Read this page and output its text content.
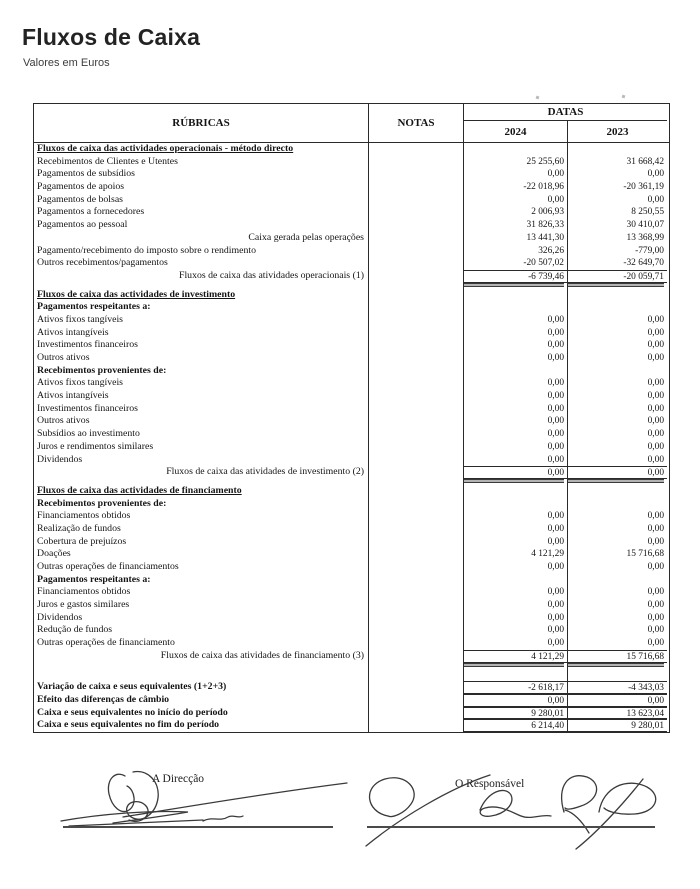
Fluxos de Caixa
Valores em Euros
RÚBRICAS	NOTAS
DATAS
2024	2023
Fluxos de caixa das actividades operacionais - método directo
Recebimentos de Clientes e Utentes	25 255,60	31 668,42
Pagamentos de subsídios	0,00	0,00
Pagamentos de apoios	-22 018,96	-20 361,19
Pagamentos de bolsas	0,00	0,00
Pagamentos a fornecedores	2 006,93	8 250,55
Pagamentos ao pessoal	31 826,33	30 410,07
Caixa gerada pelas operações	13 441,30	13 368,99
Pagamento/recebimento do imposto sobre o rendimento	326,26	-779,00
Outros recebimentos/pagamentos	-20 507,02	-32 649,70
Fluxos de caixa das atividades operacionais (1)	-6 739,46	-20 059,71
Fluxos de caixa das actividades de investimento
Pagamentos respeitantes a:
Ativos fixos tangíveis	0,00	0,00
Ativos intangíveis	0,00	0,00
Investimentos financeiros	0,00	0,00
Outros ativos	0,00	0,00
Recebimentos provenientes de:
Ativos fixos tangíveis	0,00	0,00
Ativos intangíveis	0,00	0,00
Investimentos financeiros	0,00	0,00
Outros ativos	0,00	0,00
Subsídios ao investimento	0,00	0,00
Juros e rendimentos similares	0,00	0,00
Dividendos	0,00	0,00
Fluxos de caixa das atividades de investimento (2)	0,00	0,00
Fluxos de caixa das actividades de financiamento
Recebimentos provenientes de:
Financiamentos obtidos	0,00	0,00
Realização de fundos	0,00	0,00
Cobertura de prejuízos	0,00	0,00
Doações	4 121,29	15 716,68
Outras operações de financiamentos	0,00	0,00
Pagamentos respeitantes a:
Financiamentos obtidos	0,00	0,00
Juros e gastos similares	0,00	0,00
Dividendos	0,00	0,00
Redução de fundos	0,00	0,00
Outras operações de financiamento	0,00	0,00
Fluxos de caixa das atividades de financiamento (3)	4 121,29	15 716,68
Variação de caixa e seus equivalentes (1+2+3)	-2 618,17	-4 343,03
Efeito das diferenças de câmbio	0,00	0,00
Caixa e seus equivalentes no início do período	9 280,01	13 623,04
Caixa e seus equivalentes no fim do período	6 214,40	9 280,01
A Direcção	O Responsável
